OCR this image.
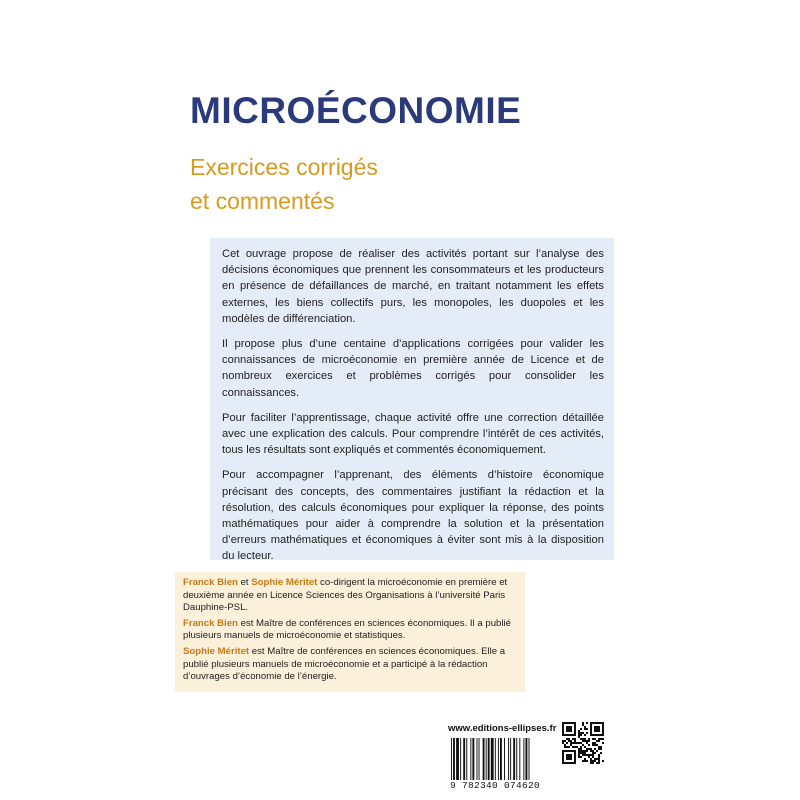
MICROÉCONOMIE
Exercices corrigés
et commentés

Cet ouvrage propose de réaliser des activités portant sur l’analyse des décisions économiques que prennent les consommateurs et les producteurs en présence de défaillances de marché, en traitant notamment les effets externes, les biens collectifs purs, les monopoles, les duopoles et les modèles de différenciation.

Il propose plus d’une centaine d’applications corrigées pour valider les connaissances de microéconomie en première année de Licence et de nombreux exercices et problèmes corrigés pour consolider les connaissances.

Pour faciliter l’apprentissage, chaque activité offre une correction détaillée avec une explication des calculs. Pour comprendre l’intérêt de ces activités, tous les résultats sont expliqués et commentés économiquement.

Pour accompagner l’apprenant, des éléments d’histoire économique précisant des concepts, des commentaires justifiant la rédaction et la résolution, des calculs économiques pour expliquer la réponse, des points mathématiques pour aider à comprendre la solution et la présentation d’erreurs mathématiques et économiques à éviter sont mis à la disposition du lecteur.

Franck Bien et Sophie Méritet co-dirigent la microéconomie en première et deuxième année en Licence Sciences des Organisations à l’université Paris Dauphine-PSL.

Franck Bien est Maître de conférences en sciences économiques. Il a publié plusieurs manuels de microéconomie et statistiques.

Sophie Méritet est Maître de conférences en sciences économiques. Elle a publié plusieurs manuels de microéconomie et a participé à la rédaction d’ouvrages d’économie de l’énergie.

www.editions-ellipses.fr
9 782340 074620
